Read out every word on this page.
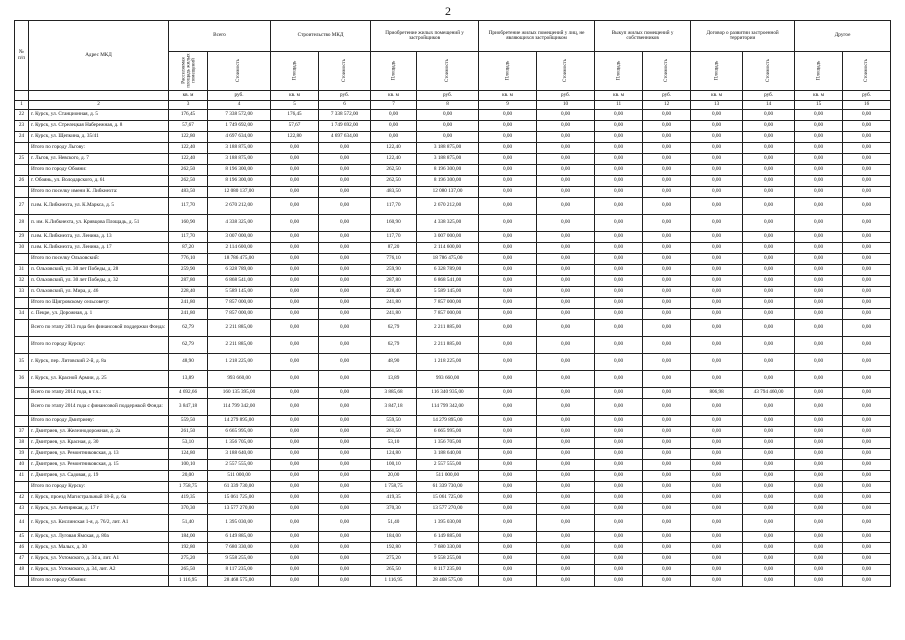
2
№
п/п	Адрес МКД	Всего		Строительство МКД		Приобретение жилых помещений у застройщиков		Приобретение жилых помещений у лиц, не являющихся застройщиком		Выкуп жилых помещений у собственников		Договор о развитии застроенной территории		Другое	
		Расселяемая площадь жилых помещений	Стоимость	Площадь	Стоимость	Площадь	Стоимость	Площадь	Стоимость	Площадь	Стоимость	Площадь	Стоимость	Площадь	Стоимость
		кв. м	руб.	кв. м	руб.	кв. м	руб.	кв. м	руб.	кв. м	руб.	кв. м	руб.	кв. м	руб.
1	2	3	4	5	6	7	8	9	10	11	12	13	14	15	16
22	г. Курск, ул. Станционная, д. 5	176,45	7 338 572,00	176,45	7 338 572,00	0,00	0,00	0,00	0,00	0,00	0,00	0,00	0,00	0,00	0,00
23	г. Курск, ул. Стрелецкая Набережная, д. 8	57,67	1 749 692,00	57,67	1 749 692,00	0,00	0,00	0,00	0,00	0,00	0,00	0,00	0,00	0,00	0,00
24	г. Курск, ул. Щепкина, д. 35/41	122,80	4 697 634,00	122,80	4 697 634,00	0,00	0,00	0,00	0,00	0,00	0,00	0,00	0,00	0,00	0,00
	Итого по городу Льгову:	122,40	3 188 875,00	0,00	0,00	122,40	3 188 875,00	0,00	0,00	0,00	0,00	0,00	0,00	0,00	0,00
25	г. Льгов, ул. Невского, д. 7	122,40	3 188 875,00	0,00	0,00	122,40	3 188 875,00	0,00	0,00	0,00	0,00	0,00	0,00	0,00	0,00
	Итого по городу Обояни:	262,50	8 196 300,00	0,00	0,00	262,50	8 196 300,00	0,00	0,00	0,00	0,00	0,00	0,00	0,00	0,00
26	г. Обоянь, ул. Володарского, д. 61	262,50	8 196 300,00	0,00	0,00	262,50	8 196 300,00	0,00	0,00	0,00	0,00	0,00	0,00	0,00	0,00
	Итого по поселку имени К. Либкнехта:	483,50	12 080 137,00	0,00	0,00	483,50	12 080 137,00	0,00	0,00	0,00	0,00	0,00	0,00	0,00	0,00
27	п.им. К.Либкнехта, ул. К.Маркса, д. 5	117,70	2 670 212,00	0,00	0,00	117,70	2 670 212,00	0,00	0,00	0,00	0,00	0,00	0,00	0,00	0,00
28	п. им. К.Либкнехта, ул. Кривцова Площадь, д. 51	160,90	4 338 325,00	0,00	0,00	160,90	4 338 325,00	0,00	0,00	0,00	0,00	0,00	0,00	0,00	0,00
29	п.им. К.Либкнехта, ул. Ленина, д. 13	117,70	3 007 000,00	0,00	0,00	117,70	3 007 000,00	0,00	0,00	0,00	0,00	0,00	0,00	0,00	0,00
30	п.им. К.Либкнехта, ул. Ленина, д. 17	87,20	2 114 600,00	0,00	0,00	87,20	2 114 600,00	0,00	0,00	0,00	0,00	0,00	0,00	0,00	0,00
	Итого по поселку Ольховский:	776,10	18 786 475,00	0,00	0,00	776,10	18 786 475,00	0,00	0,00	0,00	0,00	0,00	0,00	0,00	0,00
31	п. Ольховский, ул. 30 лет Победы, д. 28	259,90	6 328 789,00	0,00	0,00	259,90	6 328 789,00	0,00	0,00	0,00	0,00	0,00	0,00	0,00	0,00
32	п. Ольховский, ул. 30 лет Победы, д. 32	287,80	6 868 541,00	0,00	0,00	287,80	6 868 541,00	0,00	0,00	0,00	0,00	0,00	0,00	0,00	0,00
33	п. Ольховский, ул. Мира, д. 46	228,40	5 589 145,00	0,00	0,00	228,40	5 589 145,00	0,00	0,00	0,00	0,00	0,00	0,00	0,00	0,00
	Итого по Щигровскому сельсовету:	241,80	7 857 000,00	0,00	0,00	241,80	7 857 000,00	0,00	0,00	0,00	0,00	0,00	0,00	0,00	0,00
34	с. Пекре, ул. Дорожная, д. 1	241,80	7 857 000,00	0,00	0,00	241,80	7 857 000,00	0,00	0,00	0,00	0,00	0,00	0,00	0,00	0,00
	Всего по этапу 2013 года без финансовой поддержки Фонда:	62,79	2 211 885,00	0,00	0,00	62,79	2 211 885,00	0,00	0,00	0,00	0,00	0,00	0,00	0,00	0,00
	Итого по городу Курску:	62,79	2 211 885,00	0,00	0,00	62,79	2 211 885,00	0,00	0,00	0,00	0,00	0,00	0,00	0,00	0,00
35	г. Курск, пер. Литовский 2-й, д. 8а	48,90	1 218 225,00	0,00	0,00	48,90	1 218 225,00	0,00	0,00	0,00	0,00	0,00	0,00	0,00	0,00
36	г. Курск, ул. Красной Армии, д. 25	13,89	993 660,00	0,00	0,00	13,89	993 660,00	0,00	0,00	0,00	0,00	0,00	0,00	0,00	0,00
	Всего по этапу 2014 года, в т.ч.:	4 692,66	160 135 395,00	0,00	0,00	3 885,68	116 340 935,00	0,00	0,00	0,00	0,00	806,98	43 794 460,00	0,00	0,00
	Всего по этапу 2014 года с финансовой поддержкой Фонда:	3 847,18	114 799 342,00	0,00	0,00	3 847,18	114 799 342,00	0,00	0,00	0,00	0,00	0,00	0,00	0,00	0,00
	Итого по городу Дмитриеву:	559,50	14 279 895,00	0,00	0,00	559,50	14 279 895,00	0,00	0,00	0,00	0,00	0,00	0,00	0,00	0,00
37	г. Дмитриев, ул. Железнодорожная, д. 2а	261,50	6 665 995,00	0,00	0,00	261,50	6 665 995,00	0,00	0,00	0,00	0,00	0,00	0,00	0,00	0,00
38	г. Дмитриев, ул. Красная, д. 30	53,10	1 356 705,00	0,00	0,00	53,10	1 356 705,00	0,00	0,00	0,00	0,00	0,00	0,00	0,00	0,00
39	г. Дмитриев, ул. Ремонтниковская, д. 13	124,80	3 188 640,00	0,00	0,00	124,80	3 188 640,00	0,00	0,00	0,00	0,00	0,00	0,00	0,00	0,00
40	г. Дмитриев, ул. Ремонтниковская, д. 15	100,10	2 557 555,00	0,00	0,00	100,10	2 557 555,00	0,00	0,00	0,00	0,00	0,00	0,00	0,00	0,00
41	г. Дмитриев, ул. Садовая, д. 19	20,00	511 000,00	0,00	0,00	20,00	511 000,00	0,00	0,00	0,00	0,00	0,00	0,00	0,00	0,00
	Итого по городу Курску:	1 758,75	61 339 730,00	0,00	0,00	1 758,75	61 339 730,00	0,00	0,00	0,00	0,00	0,00	0,00	0,00	0,00
42	г. Курск, проезд Магистральный 18-й, д. 6а	419,35	15 061 725,00	0,00	0,00	419,35	15 061 725,00	0,00	0,00	0,00	0,00	0,00	0,00	0,00	0,00
43	г. Курск, ул. Антирнкая, д. 17 г	370,30	13 577 270,00	0,00	0,00	370,30	13 577 270,00	0,00	0,00	0,00	0,00	0,00	0,00	0,00	0,00
44	г. Курск, ул. Кислинская 1-я, д. 76/2, лит. А1	51,40	1 395 030,00	0,00	0,00	51,40	1 395 030,00	0,00	0,00	0,00	0,00	0,00	0,00	0,00	0,00
45	г. Курск, ул. Луговая Ямская, д. 80а	184,00	6 149 885,00	0,00	0,00	184,00	6 149 885,00	0,00	0,00	0,00	0,00	0,00	0,00	0,00	0,00
46	г. Курск, ул. Малых, д. 30	192,80	7 680 330,00	0,00	0,00	192,80	7 680 330,00	0,00	0,00	0,00	0,00	0,00	0,00	0,00	0,00
47	г. Курск, ул. Ухтомского, д. 34 а, лит. А1	275,20	9 558 255,00	0,00	0,00	275,20	9 558 255,00	0,00	0,00	0,00	0,00	0,00	0,00	0,00	0,00
48	г. Курск, ул. Ухтомского, д. 34, лит. А2	265,50	8 117 235,00	0,00	0,00	265,50	8 117 235,00	0,00	0,00	0,00	0,00	0,00	0,00	0,00	0,00
	Итого по городу Обояни:	1 116,95	28 468 575,00	0,00	0,00	1 116,95	28 468 575,00	0,00	0,00	0,00	0,00	0,00	0,00	0,00	0,00
